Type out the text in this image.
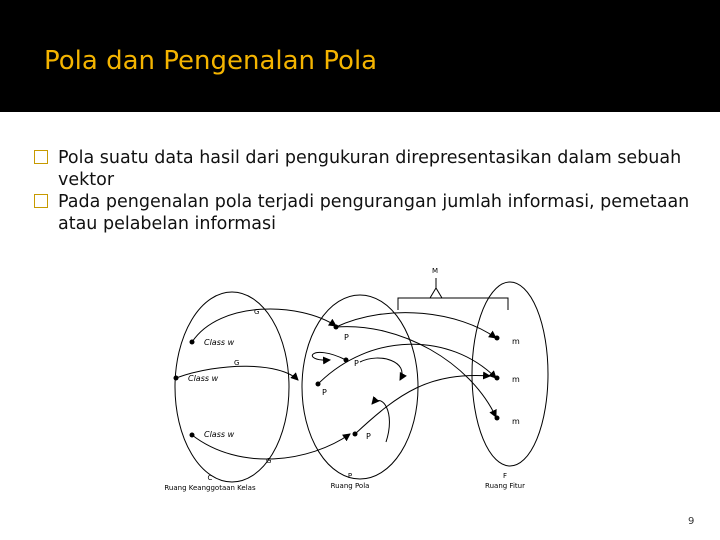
Pola dan Pengenalan Pola

Pola suatu data hasil dari pengukuran direpresentasikan dalam sebuah vektor

Pada pengenalan pola terjadi pengurangan jumlah informasi, pemetaan atau pelabelan informasi

M
Class w
Class w
Class w
G
G
G
P
P
P
P
m
m
m
C	P	F
Ruang Keanggotaan Kelas	Ruang Pola	Ruang Fitur
9
